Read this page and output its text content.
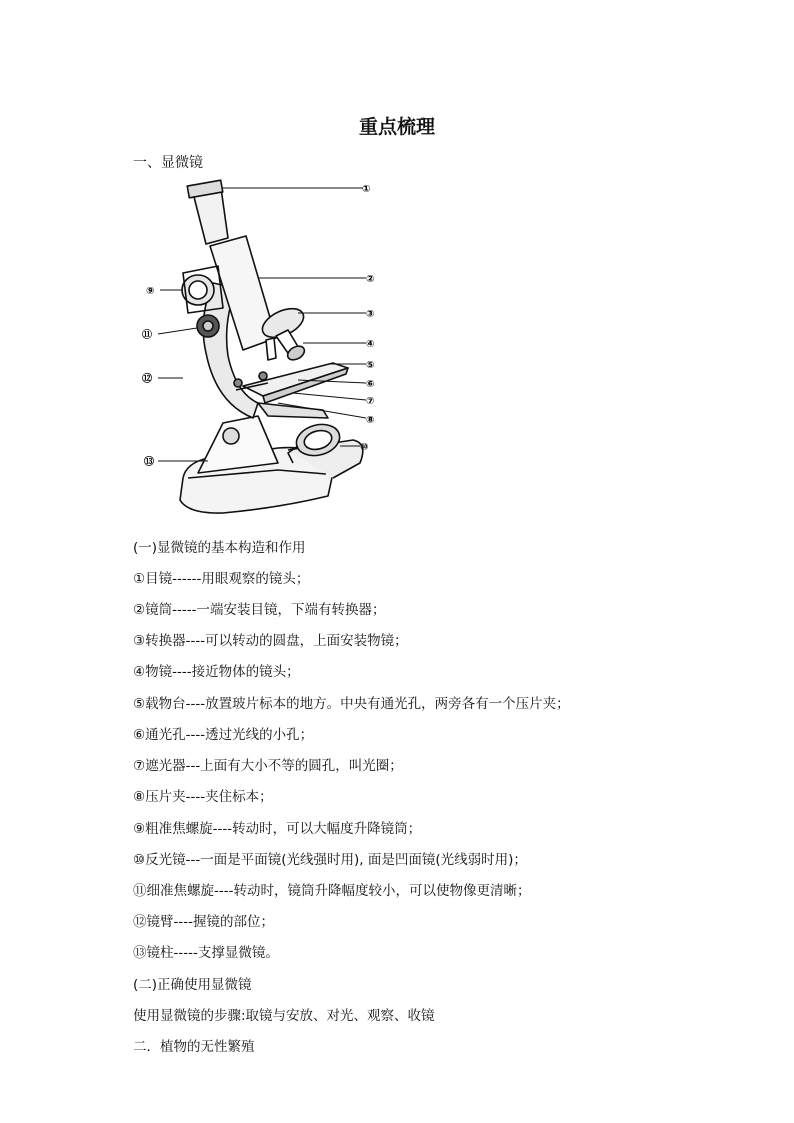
重点梳理
一、显微镜
①
②
③
④
⑤
⑥
⑦
⑧
⑨
⑩
⑪
⑫
⑬
(一)显微镜的基本构造和作用
①目镜------用眼观察的镜头；
②镜筒-----一端安装目镜，下端有转换器；
③转换器----可以转动的圆盘，上面安装物镜；
④物镜----接近物体的镜头；
⑤载物台----放置玻片标本的地方。中央有通光孔，两旁各有一个压片夹；
⑥通光孔----透过光线的小孔；
⑦遮光器---上面有大小不等的圆孔，叫光圈；
⑧压片夹----夹住标本；
⑨粗准焦螺旋----转动时，可以大幅度升降镜筒；
⑩反光镜---一面是平面镜(光线强时用), 面是凹面镜(光线弱时用)；
⑪细准焦螺旋----转动时，镜筒升降幅度较小，可以使物像更清晰；
⑫镜臂----握镜的部位；
⑬镜柱-----支撑显微镜。
(二)正确使用显微镜
使用显微镜的步骤:取镜与安放、对光、观察、收镜
二．植物的无性繁殖
